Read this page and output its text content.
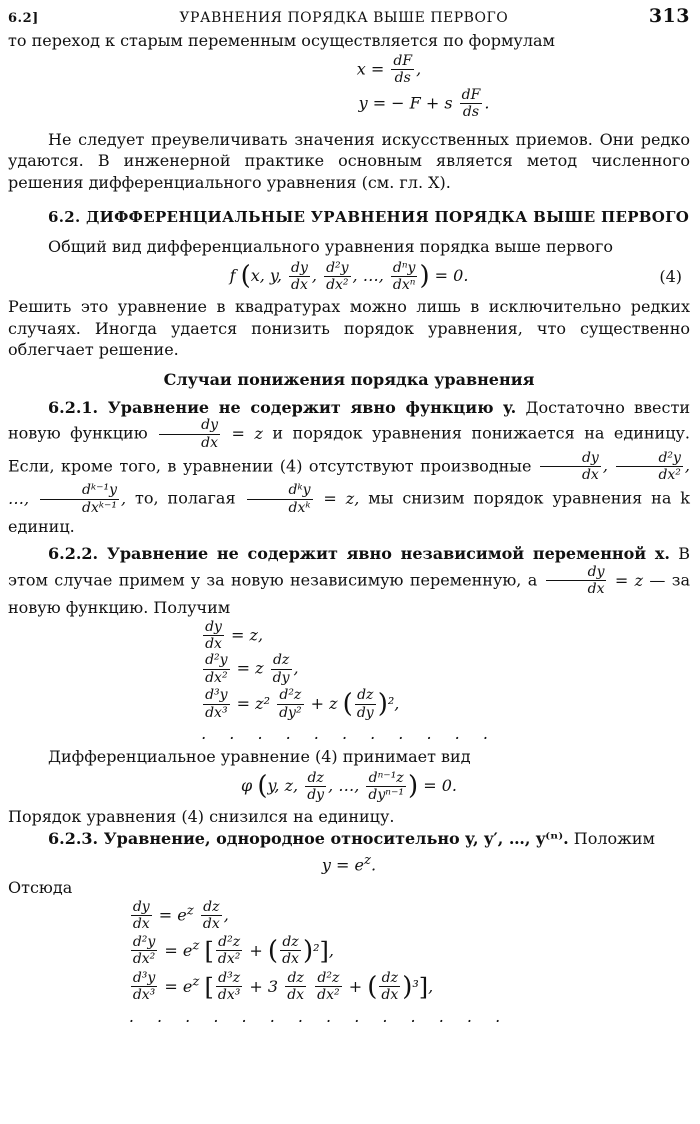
6.2]	УРАВНЕНИЯ ПОРЯДКА ВЫШЕ ПЕРВОГО	313

то переход к старым переменным осуществляется по формулам

$x = \frac{dF}{ds}$ ,
y = − F + s $\frac{dF}{ds}$ .

Не следует преувеличивать значения искусственных приемов. Они редко удаются. В инженерной практике основным является метод численного решения дифференциального уравнения (см. гл. X).

6.2. ДИФФЕРЕНЦИАЛЬНЫЕ УРАВНЕНИЯ ПОРЯДКА ВЫШЕ ПЕРВОГО

Общий вид дифференциального уравнения порядка выше первого

f (x, y, $\frac{dy}{dx}$ , $\frac{\text{d²y}}{\text{dx²}}$ , …, $\frac{\text{dⁿy}}{\text{dxⁿ}}$ ) = 0.	(4)

Решить это уравнение в квадратурах можно лишь в исключительно редких случаях. Иногда удается понизить порядок уравнения, что существенно облегчает решение.

Случаи понижения порядка уравнения

6.2.1. Уравнение не содержит явно функцию y. Достаточно ввести новую функцию $\frac{dy}{dx} = z$ и порядок уравнения понижается на единицу. Если, кроме того, в уравнении (4) отсутствуют производные $\frac{dy}{dx}$ , $\frac{\text{d²y}}{\text{dx²}}$ , …, $\frac{\text{dᵏ⁻¹y}}{\text{dxᵏ⁻¹}}$ , то, полагая $\frac{\text{dᵏy}}{\text{dxᵏ}} = z$, мы снизим порядок уравнения на k единиц.

6.2.2. Уравнение не содержит явно независимой переменной x. В этом случае примем y за новую независимую переменную, а $\frac{dy}{dx} = z$ — за новую функцию. Получим

$\frac{dy}{dx} = z$,
$\frac{\text{d²y}}{\text{dx²}} = z \frac{dz}{dy}$ ,
$\frac{\text{d³y}}{\text{dx³}} = z^2 \frac{\text{d²z}}{\text{dy²}} + z$ ( $\frac{dz}{dy} )^2$,
. . . . . . . . . . .

Дифференциальное уравнение (4) принимает вид

φ (y, z, $\frac{dz}{dy}$ , …, $\frac{\text{dⁿ⁻¹z}}{\text{dyⁿ⁻¹}}$ ) = 0.

Порядок уравнения (4) снизился на единицу.

6.2.3. Уравнение, однородное относительно y, y′, …, y⁽ⁿ⁾. Положим

$y = e^z$.

Отсюда

$\frac{dy}{dx} = e^z \frac{dz}{dx}$ ,
$\frac{\text{d²y}}{\text{dx²}} = e^z$ [ $\frac{\text{d²z}}{\text{dx²}}$ + ( $\frac{dz}{dx} )^2$],
$\frac{\text{d³y}}{\text{dx³}} = e^z$ [ $\frac{\text{d³z}}{\text{dx³}} + 3 \frac{dz}{dx}$
$\frac{\text{d²z}}{\text{dx²}}$ + ( $\frac{dz}{dx} )^3$],
. . . . . . . . . . . . . .
